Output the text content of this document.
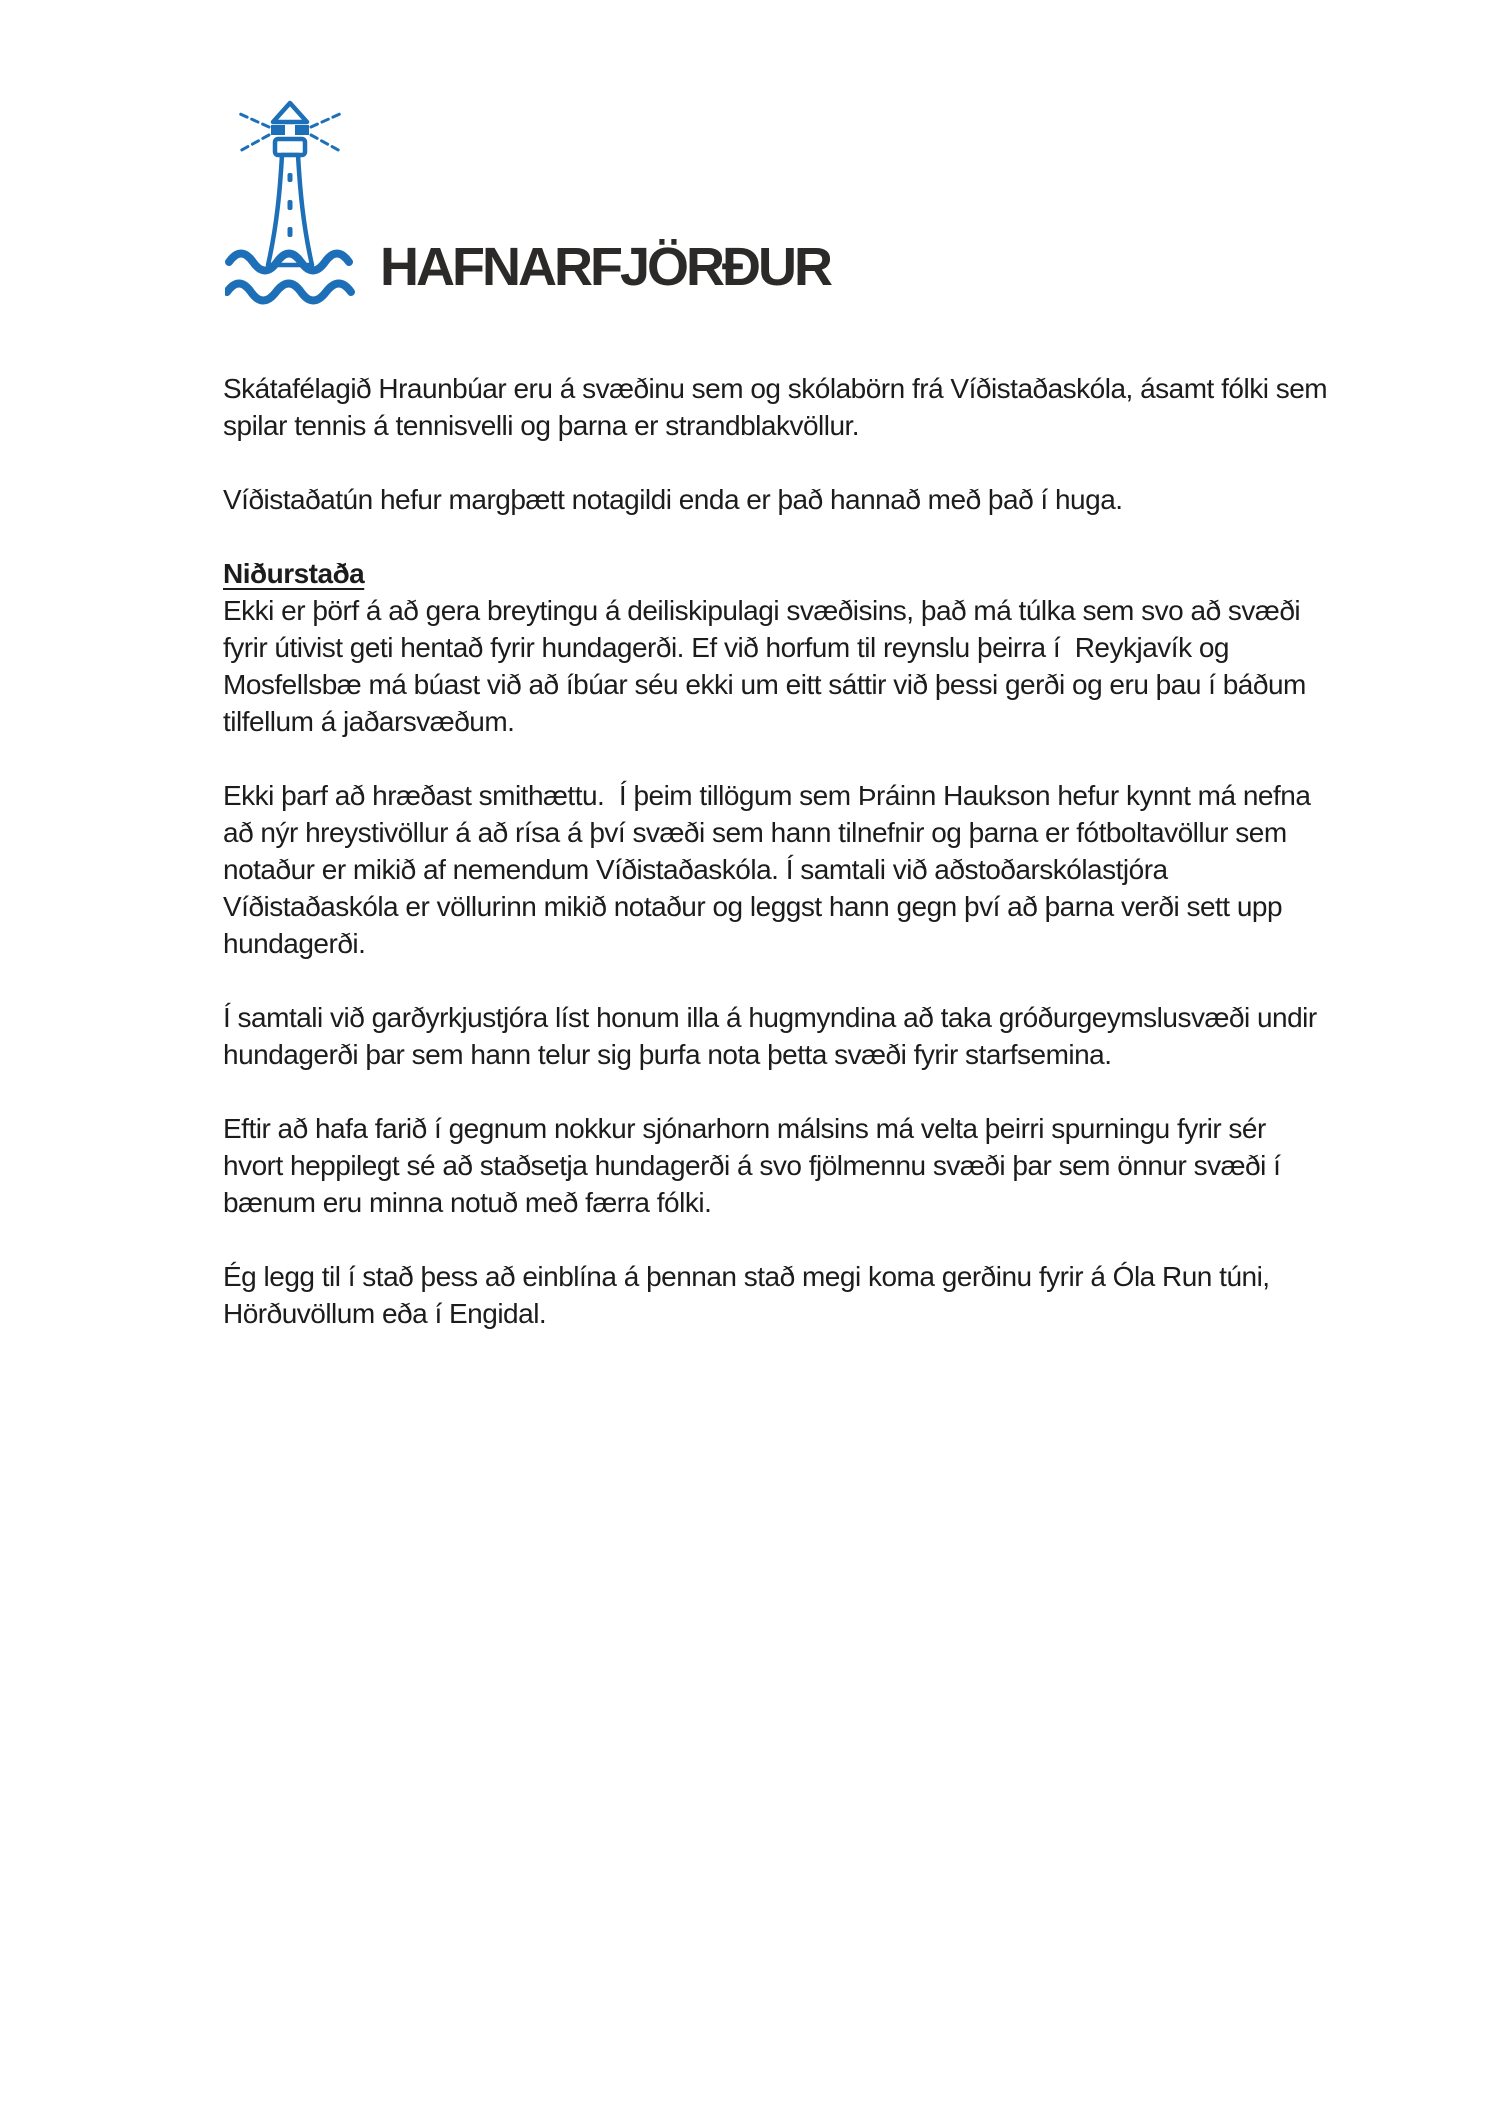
HAFNARFJÖRÐUR
Skátafélagið Hraunbúar eru á svæðinu sem og skólabörn frá Víðistaðaskóla, ásamt fólki sem
spilar tennis á tennisvelli og þarna er strandblakvöllur.
Víðistaðatún hefur margþætt notagildi enda er það hannað með það í huga.
Niðurstaða
Ekki er þörf á að gera breytingu á deiliskipulagi svæðisins, það má túlka sem svo að svæði
fyrir útivist geti hentað fyrir hundagerði. Ef við horfum til reynslu þeirra í  Reykjavík og
Mosfellsbæ má búast við að íbúar séu ekki um eitt sáttir við þessi gerði og eru þau í báðum
tilfellum á jaðarsvæðum.
Ekki þarf að hræðast smithættu.  Í þeim tillögum sem Þráinn Haukson hefur kynnt má nefna
að nýr hreystivöllur á að rísa á því svæði sem hann tilnefnir og þarna er fótboltavöllur sem
notaður er mikið af nemendum Víðistaðaskóla. Í samtali við aðstoðarskólastjóra
Víðistaðaskóla er völlurinn mikið notaður og leggst hann gegn því að þarna verði sett upp
hundagerði.
Í samtali við garðyrkjustjóra líst honum illa á hugmyndina að taka gróðurgeymslusvæði undir
hundagerði þar sem hann telur sig þurfa nota þetta svæði fyrir starfsemina.
Eftir að hafa farið í gegnum nokkur sjónarhorn málsins má velta þeirri spurningu fyrir sér
hvort heppilegt sé að staðsetja hundagerði á svo fjölmennu svæði þar sem önnur svæði í
bænum eru minna notuð með færra fólki.
Ég legg til í stað þess að einblína á þennan stað megi koma gerðinu fyrir á Óla Run túni,
Hörðuvöllum eða í Engidal.
